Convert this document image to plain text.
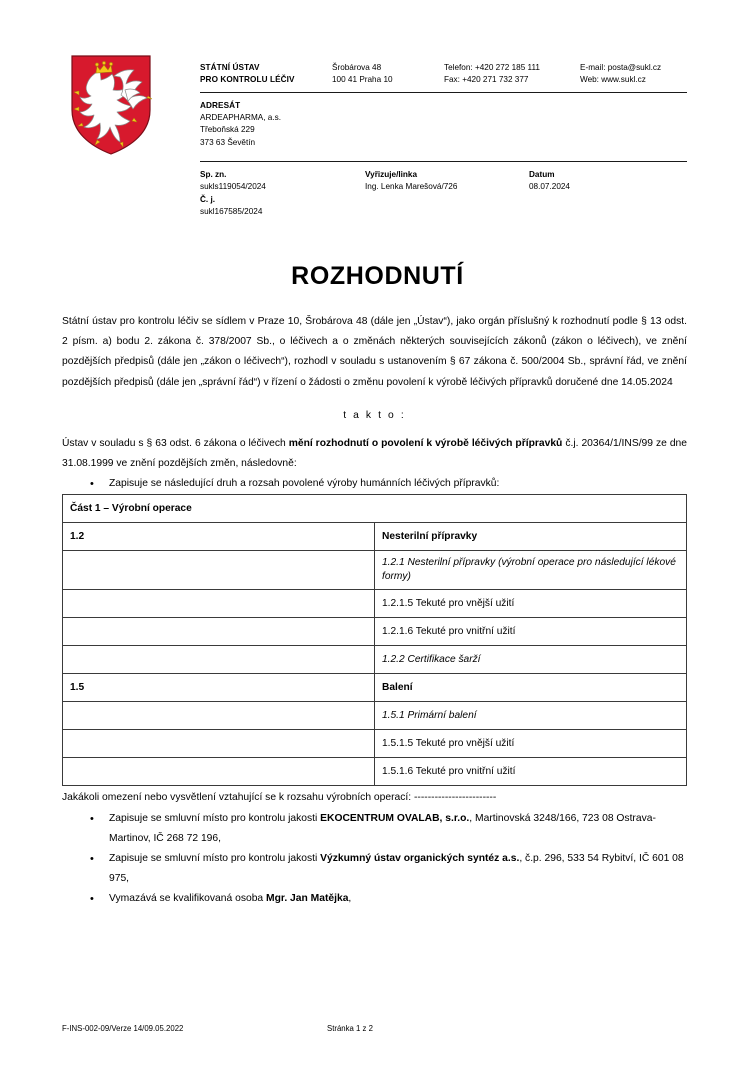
STÁTNÍ ÚSTAV
PRO KONTROLU LÉČIV
Šrobárova 48
100 41 Praha 10
Telefon: +420 272 185 111
Fax: +420 271 732 377
E-mail: posta@sukl.cz
Web: www.sukl.cz
ADRESÁT
ARDEAPHARMA, a.s.
Třeboňská 229
373 63 Ševětín
Sp. zn.
sukls119054/2024
Č. j.
sukl167585/2024
Vyřizuje/linka
Ing. Lenka Marešová/726
Datum
08.07.2024
ROZHODNUTÍ

Státní ústav pro kontrolu léčiv se sídlem v Praze 10, Šrobárova 48 (dále jen „Ústav“), jako orgán příslušný k rozhodnutí podle § 13 odst. 2 písm. a) bodu 2. zákona č. 378/2007 Sb., o léčivech a o změnách některých souvisejících zákonů (zákon o léčivech), ve znění pozdějších předpisů (dále jen „zákon o léčivech“), rozhodl v souladu s ustanovením § 67 zákona č. 500/2004 Sb., správní řád, ve znění pozdějších předpisů (dále jen „správní řád“) v řízení o žádosti o změnu povolení k výrobě léčivých přípravků doručené dne 14.05.2024

t a k t o :

Ústav v souladu s § 63 odst. 6 zákona o léčivech mění rozhodnutí o povolení k výrobě léčivých přípravků č.j. 20364/1/INS/99 ze dne 31.08.1999 ve znění pozdějších změn, následovně:

• Zapisuje se následující druh a rozsah povolené výroby humánních léčivých přípravků:
Část 1 – Výrobní operace	
1.2	Nesterilní přípravky
	1.2.1 Nesterilní přípravky (výrobní operace pro následující lékové formy)
	1.2.1.5 Tekuté pro vnější užití
	1.2.1.6 Tekuté pro vnitřní užití
	1.2.2 Certifikace šarží
1.5	Balení
	1.5.1 Primární balení
	1.5.1.5 Tekuté pro vnější užití
	1.5.1.6 Tekuté pro vnitřní užití

Jakákoli omezení nebo vysvětlení vztahující se k rozsahu výrobních operací: ------------------------

• Zapisuje se smluvní místo pro kontrolu jakosti EKOCENTRUM OVALAB, s.r.o., Martinovská 3248/166, 723 08 Ostrava-Martinov, IČ 268 72 196,
• Zapisuje se smluvní místo pro kontrolu jakosti Výzkumný ústav organických syntéz a.s., č.p. 296, 533 54 Rybitví, IČ 601 08 975,
• Vymazává se kvalifikovaná osoba Mgr. Jan Matějka,
F-INS-002-09/Verze 14/09.05.2022	Stránka 1 z 2
